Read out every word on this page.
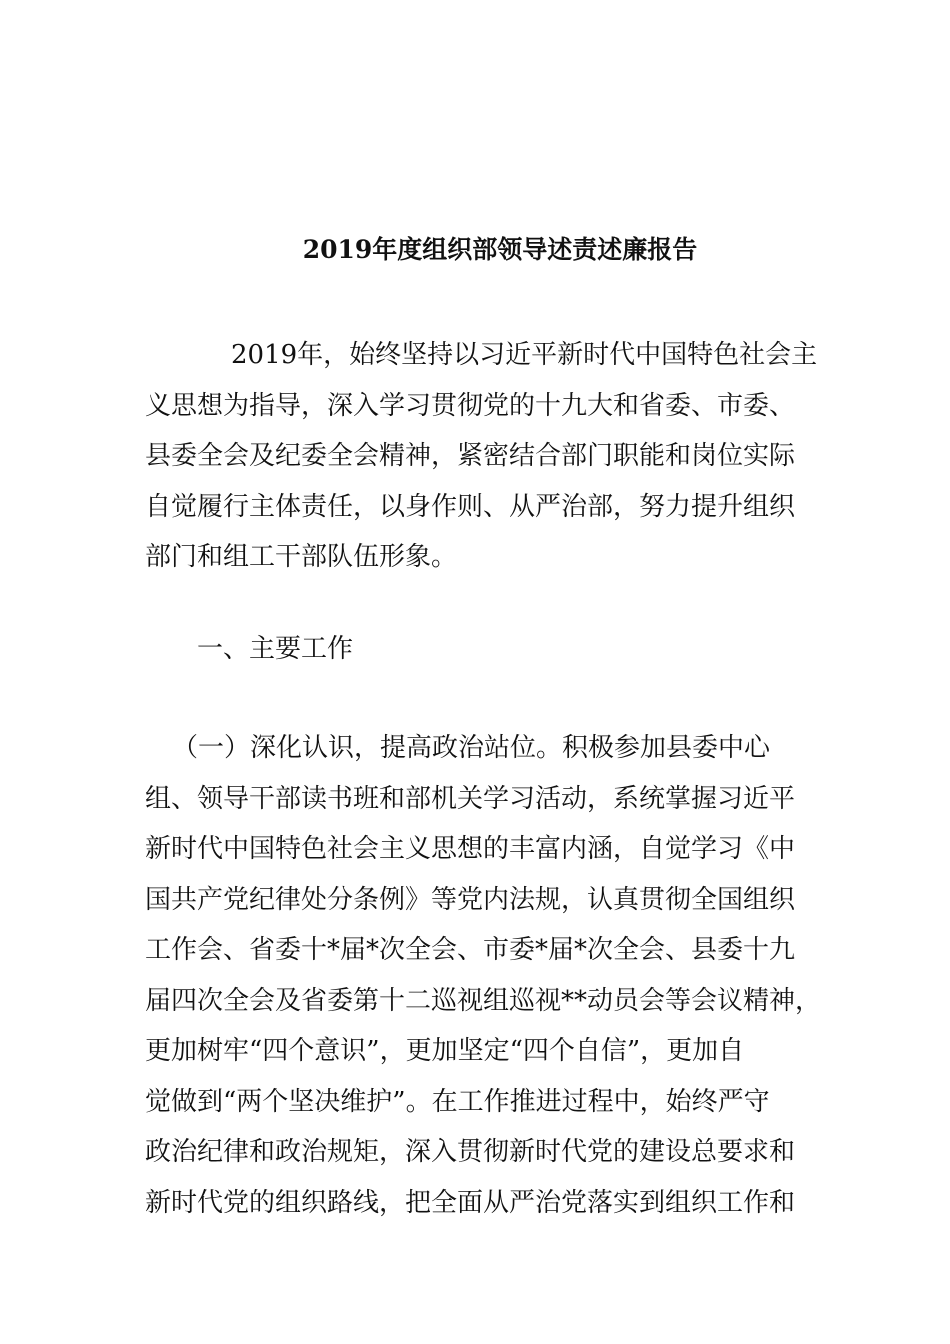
2019年度组织部领导述责述廉报告
2019年，始终坚持以习近平新时代中国特色社会主
义思想为指导，深入学习贯彻党的十九大和省委、市委、
县委全会及纪委全会精神，紧密结合部门职能和岗位实际
自觉履行主体责任，以身作则、从严治部，努力提升组织
部门和组工干部队伍形象。
一、主要工作
（一）深化认识，提高政治站位。积极参加县委中心
组、领导干部读书班和部机关学习活动，系统掌握习近平
新时代中国特色社会主义思想的丰富内涵，自觉学习《中
国共产党纪律处分条例》等党内法规，认真贯彻全国组织
工作会、省委十*届*次全会、市委*届*次全会、县委十九
届四次全会及省委第十二巡视组巡视**动员会等会议精神，
更加树牢“四个意识”，更加坚定“四个自信”，更加自
觉做到“两个坚决维护”。在工作推进过程中，始终严守
政治纪律和政治规矩，深入贯彻新时代党的建设总要求和
新时代党的组织路线，把全面从严治党落实到组织工作和
